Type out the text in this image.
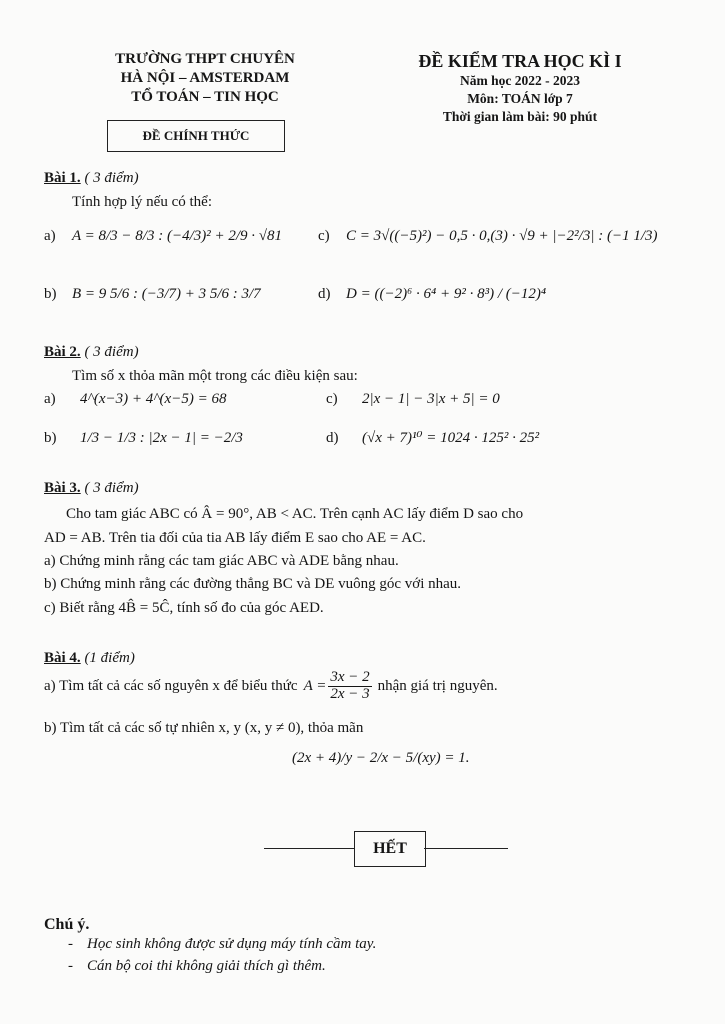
TRƯỜNG THPT CHUYÊN
HÀ NỘI – AMSTERDAM
TỔ TOÁN – TIN HỌC
ĐỀ CHÍNH THỨC
ĐỀ KIỂM TRA HỌC KÌ I
Năm học 2022 - 2023
Môn: TOÁN lớp 7
Thời gian làm bài: 90 phút
Bài 1. ( 3 điểm)
Tính hợp lý nếu có thể:
a)	A = 8/3 − 8/3 : (−4/3)² + 2/9 · √81 c)	C = 3√((−5)²) − 0,5 · 0,(3) · √9 + |−2²/3| : (−1 1/3)
b)	B = 9 5/6 : (−3/7) + 3 5/6 : 3/7	d)	D = ((−2)⁶ · 6⁴ + 9² · 8³) / (−12)⁴
Bài 2. ( 3 điểm)
Tìm số x thỏa mãn một trong các điều kiện sau:
a)	4^(x−3) + 4^(x−5) = 68	c)	2|x − 1| − 3|x + 5| = 0
b)	1/3 − 1/3 : |2x − 1| = −2/3	d)	(√x + 7)¹⁰ = 1024 · 125² · 25²
Bài 3. ( 3 điểm)
Cho tam giác ABC có Â = 90°, AB < AC. Trên cạnh AC lấy điểm D sao cho
AD = AB. Trên tia đối của tia AB lấy điểm E sao cho AE = AC.
a) Chứng minh rằng các tam giác ABC và ADE bằng nhau.
b) Chứng minh rằng các đường thẳng BC và DE vuông góc với nhau.
c) Biết rằng 4B̂ = 5Ĉ, tính số đo của góc AED.
Bài 4. (1 điểm)
a) Tìm tất cả các số nguyên x để biểu thức $A = \frac{3x - 2}{2x - 3}$ nhận giá trị nguyên.
b) Tìm tất cả các số tự nhiên x, y (x, y ≠ 0), thỏa mãn
(2x + 4)/y − 2/x − 5/(xy) = 1.
HẾT
Chú ý.
- Học sinh không được sử dụng máy tính cầm tay.
- Cán bộ coi thi không giải thích gì thêm.
